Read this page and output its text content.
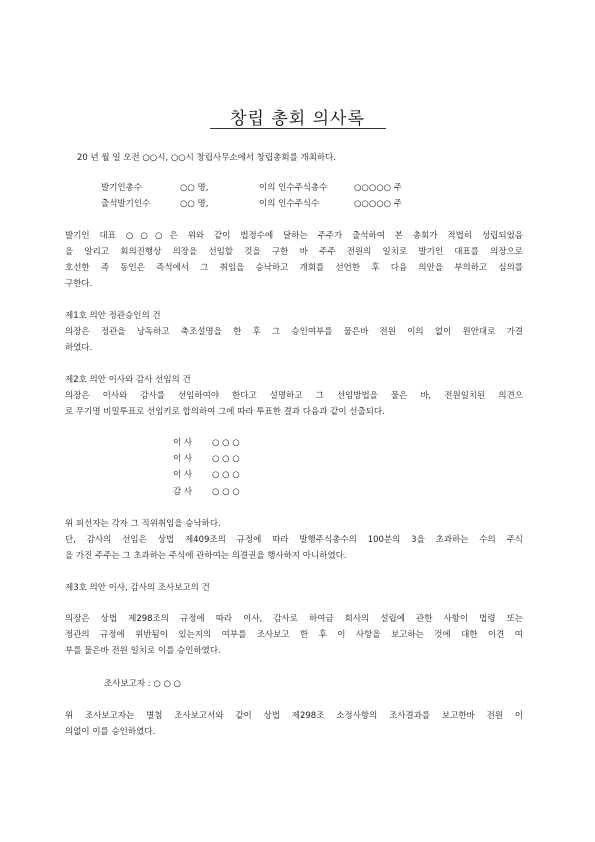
창립 총회 의사록
20 년 월 일 오전 ○○시, ○○시 창립사무소에서 창립총회를 개최하다.
발기인총수	○○ 명,	이의 인수주식총수	○○○○○ 주
출석발기인수	○○ 명,	이의 인수주식수	○○○○○ 주
발기인 대표 ○○○은 위와 같이 법정수에 달하는 주주가 출석하여 본 총회가 적법히 성립되었음
을 알리고 회의진행상 의장을 선임할 것을 구한 바 주주 전원의 일치로 발기인 대표를 의장으로
호선한 즉 동인은 즉석에서 그 취임을 승낙하고 개회를 선언한 후 다음 의안을 부의하고 심의를
구한다.
제1호 의안 정관승인의 건
의장은 정관을 낭독하고 축조설명을 한 후 그 승인여부를 물은바 전원 이의 없이 원안대로 가결
하였다.
제2호 의안 이사와 감사 선임의 건
의장은 이사와 감사를 선임하여야 한다고 설명하고 그 선임방법을 물은 바, 전원일치된 의견으
로 무기명 비밀투표로 선임키로 합의하여 그에 따라 투표한 결과 다음과 같이 선출되다.
이 사 ○ ○ ○
이 사 ○ ○ ○
이 사 ○ ○ ○
감 사 ○ ○ ○
위 피선자는 각자 그 직위취임을 승낙하다.
단, 감사의 선임은 상법 제409조의 규정에 따라 발행주식총수의 100분의 3을 초과하는 수의 주식
을 가진 주주는 그 초과하는 주식에 관하여는 의결권을 행사하지 아니하였다.
제3호 의안 이사, 감사의 조사보고의 건
의장은 상법 제298조의 규정에 따라 이사, 감사로 하여금 회사의 설립에 관한 사항이 법령 또는
정관의 규정에 위반됨이 있는지의 여부를 조사보고 한 후 이 사항을 보고하는 것에 대한 이견 여
부를 물은바 전원 일치로 이를 승인하였다.
조사보고자 : ○ ○ ○
위 조사보고자는 별첨 조사보고서와 같이 상법 제298조 소정사항의 조사결과를 보고한바 전원 이
의없이 이를 승인하였다.
